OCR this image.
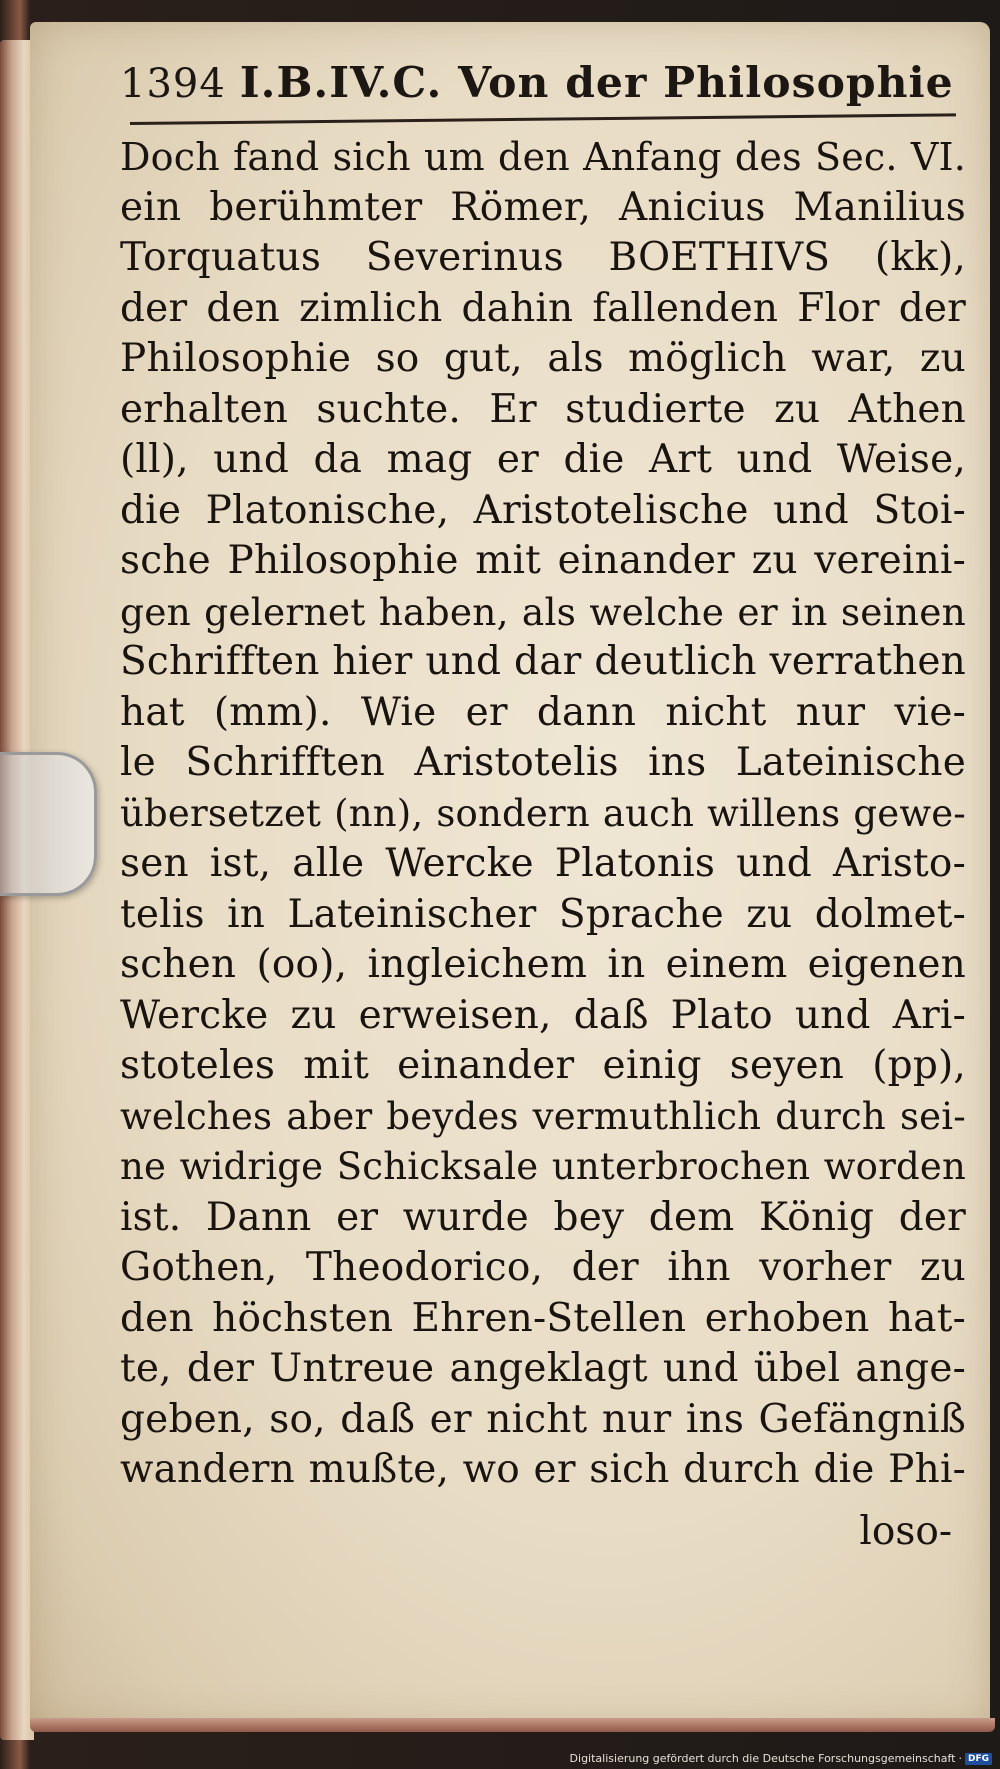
1394 I.B.IV.C. Von der Philosophie
Doch fand sich um den Anfang des Sec. VI.
ein berühmter Römer, Anicius Manilius
Torquatus Severinus BOETHIVS (kk),
der den zimlich dahin fallenden Flor der
Philosophie so gut, als möglich war, zu
erhalten suchte. Er studierte zu Athen
(ll), und da mag er die Art und Weise,
die Platonische, Aristotelische und Stoi-
sche Philosophie mit einander zu vereini-
gen gelernet haben, als welche er in seinen
Schrifften hier und dar deutlich verrathen
hat (mm). Wie er dann nicht nur vie-
le Schrifften Aristotelis ins Lateinische
übersetzet (nn), sondern auch willens gewe-
sen ist, alle Wercke Platonis und Aristo-
telis in Lateinischer Sprache zu dolmet-
schen (oo), ingleichem in einem eigenen
Wercke zu erweisen, daß Plato und Ari-
stoteles mit einander einig seyen (pp),
welches aber beydes vermuthlich durch sei-
ne widrige Schicksale unterbrochen worden
ist. Dann er wurde bey dem König der
Gothen, Theodorico, der ihn vorher zu
den höchsten Ehren-Stellen erhoben hat-
te, der Untreue angeklagt und übel ange-
geben, so, daß er nicht nur ins Gefängniß
wandern mußte, wo er sich durch die Phi-
loso-
Digitalisierung gefördert durch die Deutsche Forschungsgemeinschaft · DFG
